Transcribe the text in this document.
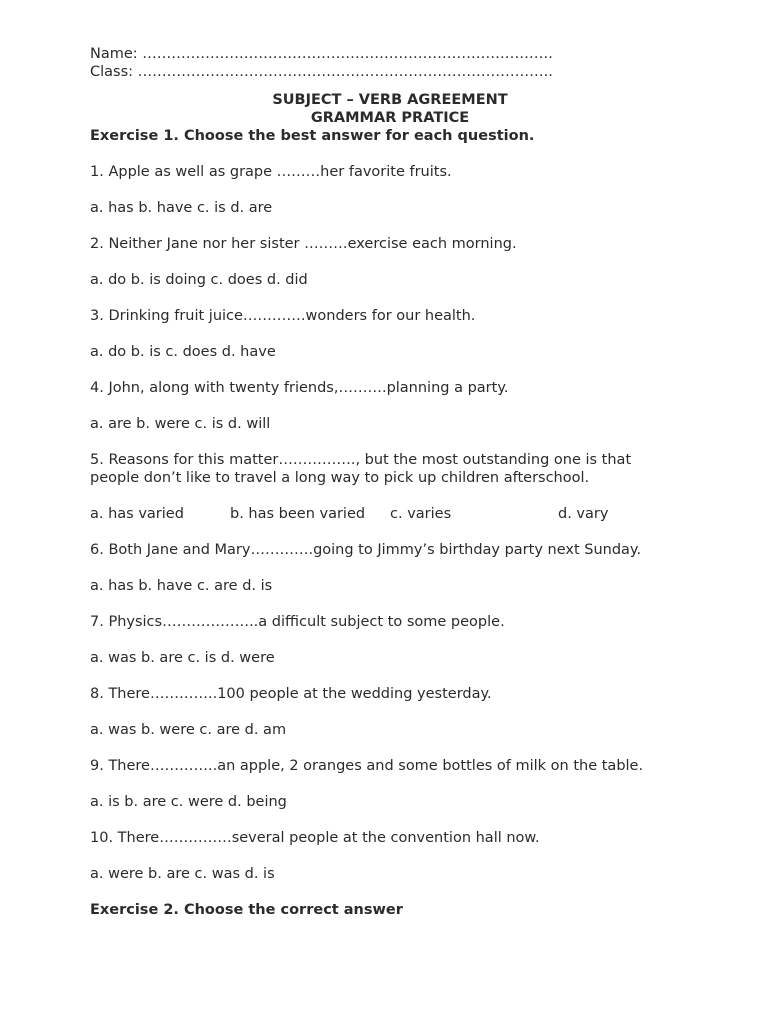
Name: ………………………………………………………………………….
Class: …………………………………………………………………………..
SUBJECT – VERB AGREEMENT
GRAMMAR PRATICE
Exercise 1. Choose the best answer for each question.
1. Apple as well as grape ………her favorite fruits.
a. has b. have c. is d. are
2. Neither Jane nor her sister ………exercise each morning.
a. do b. is doing c. does d. did
3. Drinking fruit juice………….wonders for our health.
a. do b. is c. does d. have
4. John, along with twenty friends,……….planning a party.
a. are b. were c. is d. will
5. Reasons for this matter……………., but the most outstanding one is that people don’t like to travel a long way to pick up children afterschool.
a. has varied	b. has been varied c. varies	d. vary
6. Both Jane and Mary………….going to Jimmy’s birthday party next Sunday.
a. has b. have c. are d. is
7. Physics………………..a difficult subject to some people.
a. was b. are c. is d. were
8. There…………..100 people at the wedding yesterday.
a. was b. were c. are d. am
9. There…………..an apple, 2 oranges and some bottles of milk on the table.
a. is b. are c. were d. being
10. There……………several people at the convention hall now.
a. were b. are c. was d. is
Exercise 2. Choose the correct answer
